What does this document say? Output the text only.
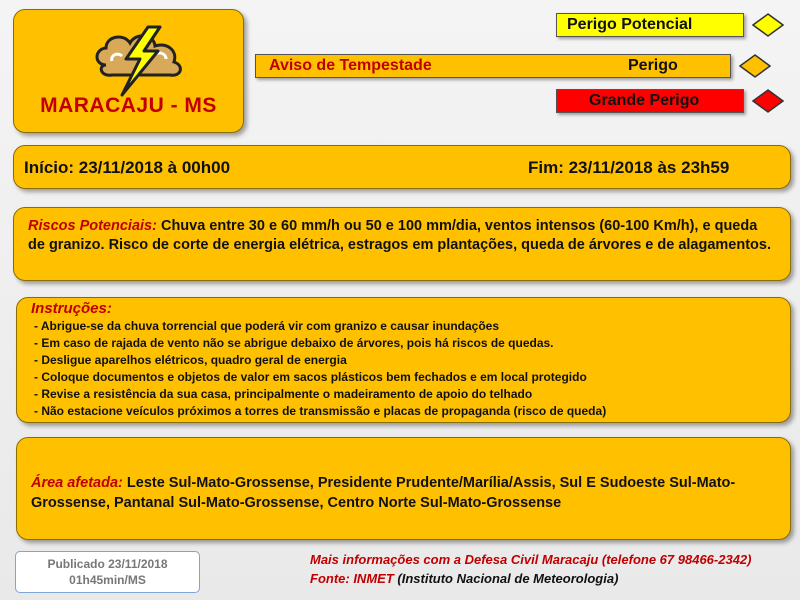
MARACAJU - MS
Perigo Potencial
Aviso de Tempestade	Perigo
Grande Perigo
Início: 23/11/2018 à 00h00	Fim: 23/11/2018 às 23h59
Riscos Potenciais: Chuva entre 30 e 60 mm/h ou 50 e 100 mm/dia, ventos intensos (60-100 Km/h), e queda de granizo. Risco de corte de energia elétrica, estragos em plantações, queda de árvores e de alagamentos.
Instruções:
- Abrigue-se da chuva torrencial que poderá vir com granizo e causar inundações
- Em caso de rajada de vento não se abrigue debaixo de árvores, pois há riscos de quedas.
- Desligue aparelhos elétricos, quadro geral de energia
- Coloque documentos e objetos de valor em sacos plásticos bem fechados e em local protegido
- Revise a resistência da sua casa, principalmente o madeiramento de apoio do telhado
- Não estacione veículos próximos a torres de transmissão e placas de propaganda (risco de queda)
Área afetada: Leste Sul-Mato-Grossense, Presidente Prudente/Marília/Assis, Sul E Sudoeste Sul-Mato-Grossense, Pantanal Sul-Mato-Grossense, Centro Norte Sul-Mato-Grossense
Publicado 23/11/2018
01h45min/MS
Mais informações com a Defesa Civil Maracaju (telefone 67 98466-2342)
Fonte: INMET (Instituto Nacional de Meteorologia)
